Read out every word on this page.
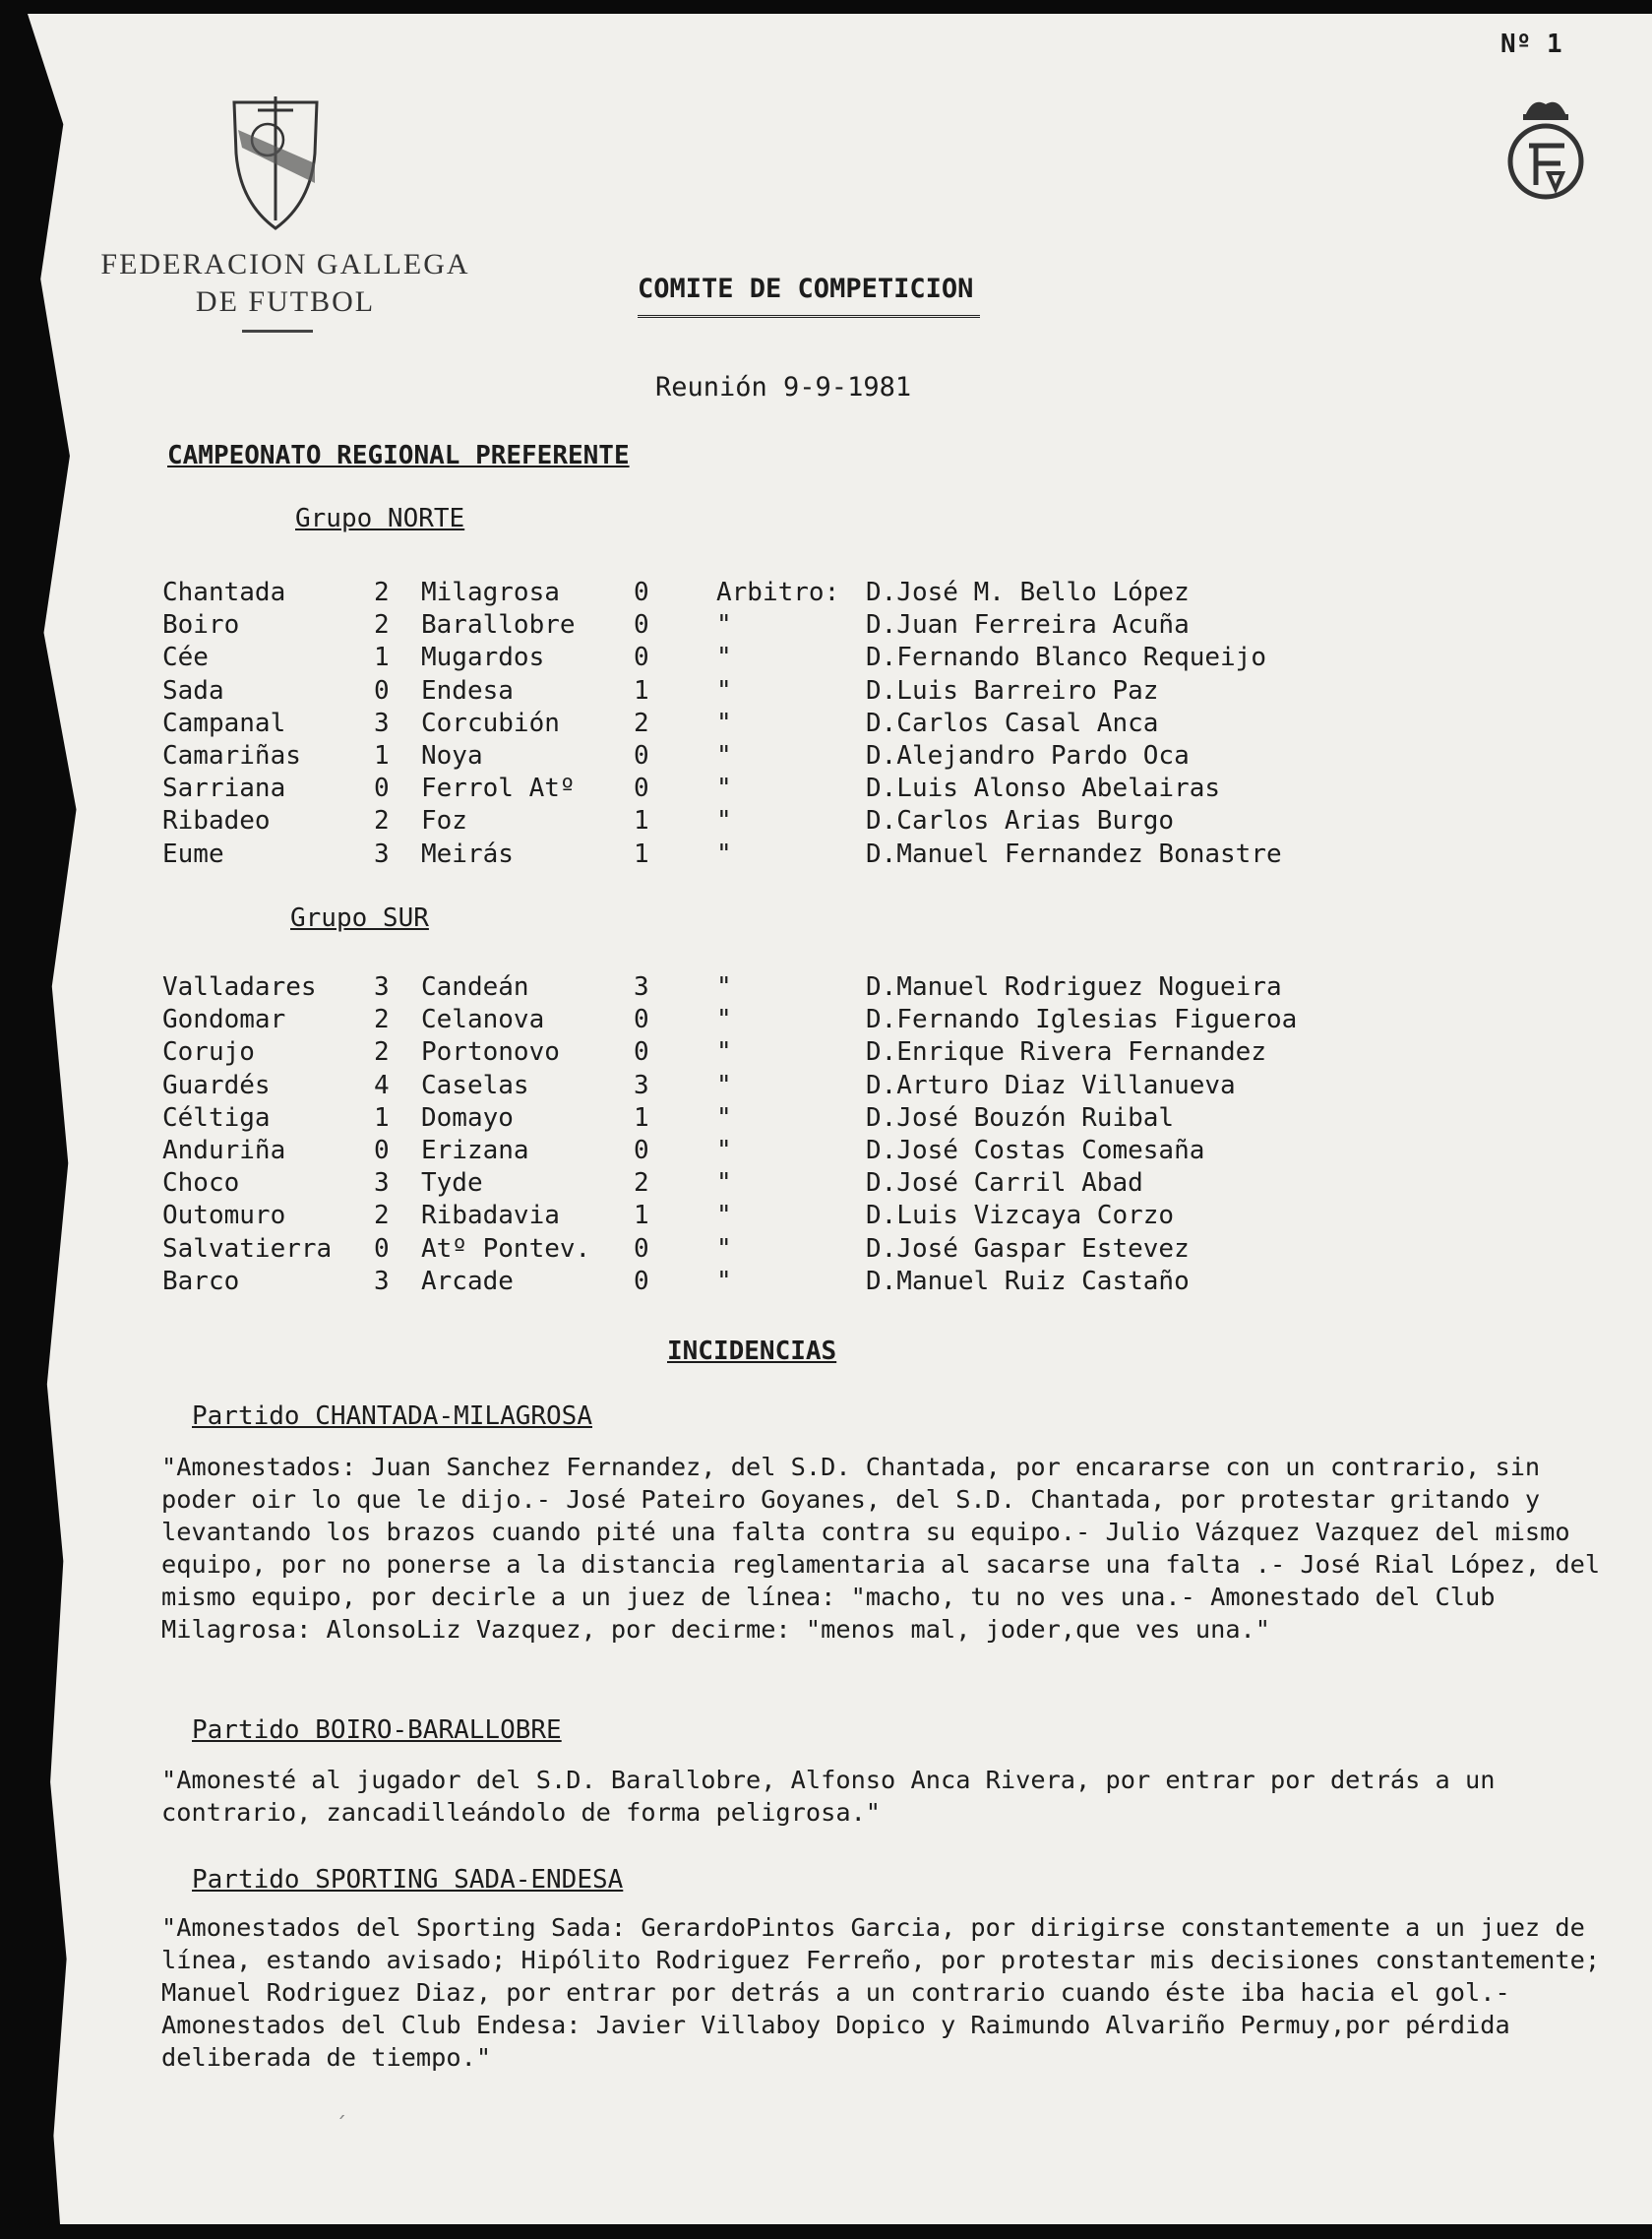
Nº 1
FEDERACION GALLEGA
DE FUTBOL	COMITE DE COMPETICION
Reunión 9-9-1981
CAMPEONATO REGIONAL PREFERENTE
Grupo NORTE
Chantada	2 Milagrosa	0	Arbitro: D.José M. Bello López
Boiro	2 Barallobre 0	"	D.Juan Ferreira Acuña
Cée	1 Mugardos	0	"	D.Fernando Blanco Requeijo
Sada	0 Endesa	1	"	D.Luis Barreiro Paz
Campanal	3 Corcubión	2	"	D.Carlos Casal Anca
Camariñas	1 Noya	0	"	D.Alejandro Pardo Oca
Sarriana	0 Ferrol Atº 0	"	D.Luis Alonso Abelairas
Ribadeo	2 Foz	1	"	D.Carlos Arias Burgo
Eume	3 Meirás	1	"	D.Manuel Fernandez Bonastre
Grupo SUR
Valladares 3 Candeán	3	"	D.Manuel Rodriguez Nogueira
Gondomar	2 Celanova	0	"	D.Fernando Iglesias Figueroa
Corujo	2 Portonovo	0	"	D.Enrique Rivera Fernandez
Guardés	4 Caselas	3	"	D.Arturo Diaz Villanueva
Céltiga	1 Domayo	1	"	D.José Bouzón Ruibal
Anduriña	0 Erizana	0	"	D.José Costas Comesaña
Choco	3 Tyde	2	"	D.José Carril Abad
Outomuro	2 Ribadavia	1	"	D.Luis Vizcaya Corzo
Salvatierra 0 Atº Pontev. 0	"	D.José Gaspar Estevez
Barco	3 Arcade	0	"	D.Manuel Ruiz Castaño
INCIDENCIAS
Partido CHANTADA-MILAGROSA
"Amonestados: Juan Sanchez Fernandez, del S.D. Chantada, por encararse con un contrario, sin poder oir lo que le dijo.- José Pateiro Goyanes, del S.D. Chantada, por protestar gritando y levantando los brazos cuando pité una falta contra su equipo.- Julio Vázquez Vazquez del mismo equipo, por no ponerse a la distancia reglamentaria al sacarse una falta .- José Rial López, del mismo equipo, por decirle a un juez de línea: "macho, tu no ves una.- Amonestado del Club Milagrosa: AlonsoLiz Vazquez, por decirme: "menos mal, joder,que ves una."
Partido BOIRO-BARALLOBRE
"Amonesté al jugador del S.D. Barallobre, Alfonso Anca Rivera, por entrar por detrás a un contrario, zancadilleándolo de forma peligrosa."
Partido SPORTING SADA-ENDESA
"Amonestados del Sporting Sada: GerardoPintos Garcia, por dirigirse constantemente a un juez de línea, estando avisado; Hipólito Rodriguez Ferreño, por protestar mis decisiones constantemente; Manuel Rodriguez Diaz, por entrar por detrás a un contrario cuando éste iba hacia el gol.- Amonestados del Club Endesa: Javier Villaboy Dopico y Raimundo Alvariño Permuy,por pérdida deliberada de tiempo."
´
